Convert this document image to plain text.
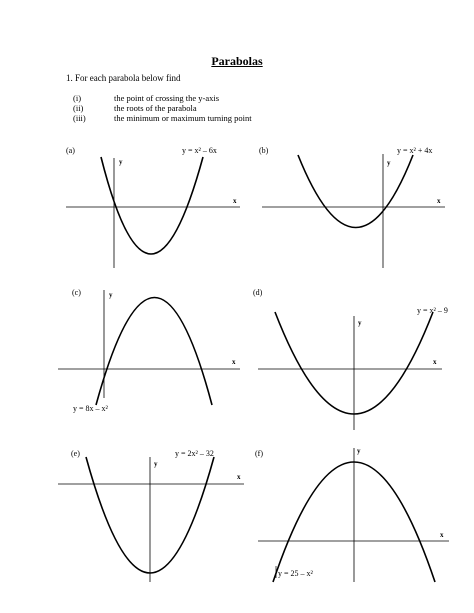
Parabolas
1. For each parabola below find
(i)	the point of crossing the y-axis
(ii)	the roots of the parabola
(iii)	the minimum or maximum turning point
(a)	y = x² – 6x
x
y
(b)	y = x² + 4x
x
y
(c)
y = 8x – x²
x
y	(d)
y = x² – 9
x
y
(e)	y = 2x² – 32
x
y
(f)
y = 25 – x²
x
y
